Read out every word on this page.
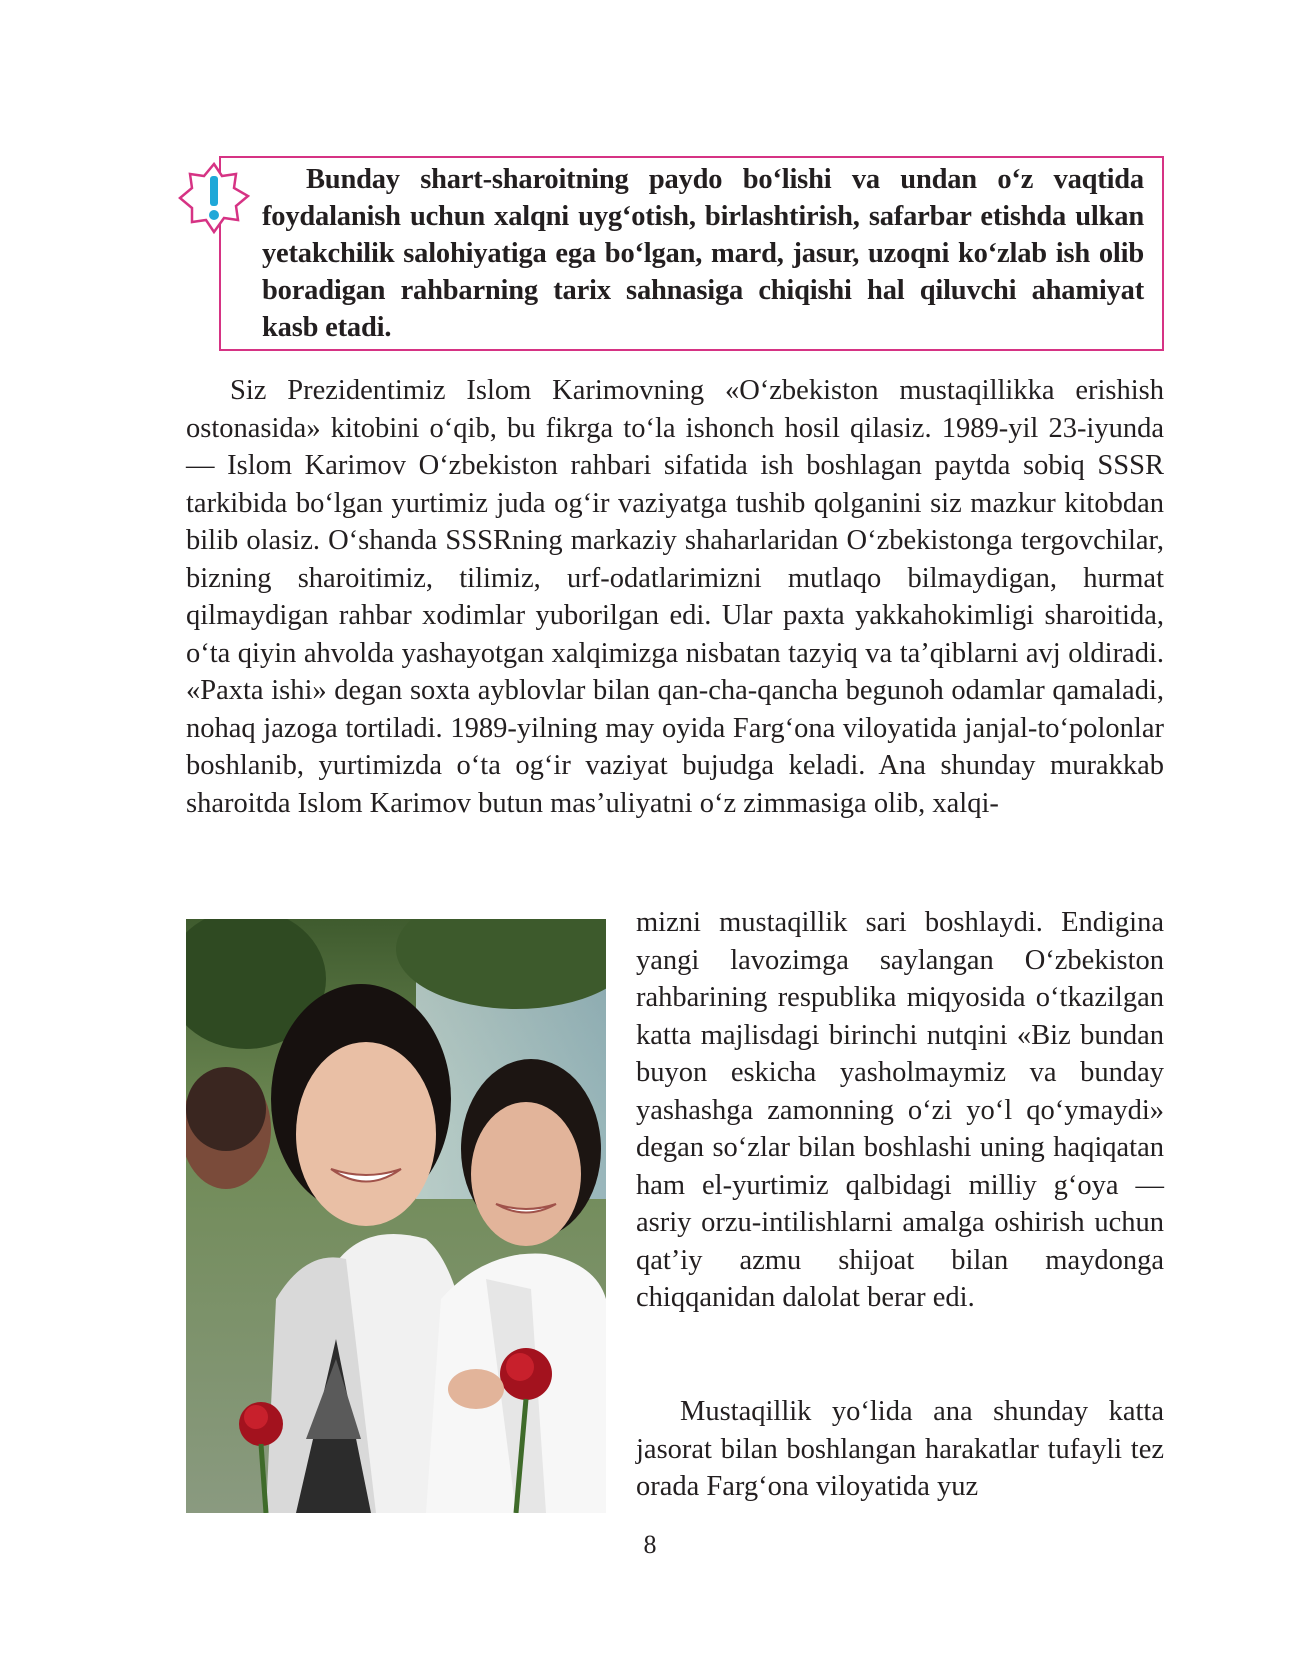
Bunday shart-sharoitning paydo bo‘lishi va undan o‘z vaqtida foydalanish uchun xalqni uyg‘otish, birlashtirish, safarbar etishda ulkan yetakchilik salohiyatiga ega bo‘lgan, mard, jasur, uzoqni ko‘zlab ish olib boradigan rahbarning tarix sahnasiga chiqishi hal qiluvchi ahamiyat kasb etadi.

Siz Prezidentimiz Islom Karimovning «O‘zbekiston mustaqillikka erishish ostonasida» kitobini o‘qib, bu fikrga to‘la ishonch hosil qilasiz. 1989-yil 23-iyunda — Islom Karimov O‘zbekiston rahbari sifatida ish boshlagan paytda sobiq SSSR tarkibida bo‘lgan yurtimiz juda og‘ir vaziyatga tushib qolganini siz mazkur kitobdan bilib olasiz. O‘shanda SSSRning markaziy shaharlaridan O‘zbekistonga tergovchilar, bizning sharoitimiz, tilimiz, urf-odatlarimizni mutlaqo bilmaydigan, hurmat qilmaydigan rahbar xodimlar yuborilgan edi. Ular paxta yakkahokimligi sharoitida, o‘ta qiyin ahvolda yashayotgan xalqimizga nisbatan tazyiq va ta’qiblarni avj oldiradi. «Paxta ishi» degan soxta ayblovlar bilan qan-cha-qancha begunoh odamlar qamaladi, nohaq jazoga tortiladi. 1989-yilning may oyida Farg‘ona viloyatida janjal-to‘polonlar boshlanib, yurtimizda o‘ta og‘ir vaziyat bujudga keladi. Ana shunday murakkab sharoitda Islom Karimov butun mas’uliyatni o‘z zimmasiga olib, xalqi-

mizni mustaqillik sari boshlaydi. Endigina yangi lavozimga saylangan O‘zbekiston rahbarining respublika miqyosida o‘tkazilgan katta majlisdagi birinchi nutqini «Biz bundan buyon eskicha yasholmaymiz va bunday yashashga zamonning o‘zi yo‘l qo‘ymaydi» degan so‘zlar bilan boshlashi uning haqiqatan ham el-yurtimiz qalbidagi milliy g‘oya — asriy orzu-intilishlarni amalga oshirish uchun qat’iy azmu shijoat bilan maydonga chiqqanidan dalolat berar edi.

Mustaqillik yo‘lida ana shunday katta jasorat bilan boshlangan harakatlar tufayli tez orada Farg‘ona viloyatida yuz

8
